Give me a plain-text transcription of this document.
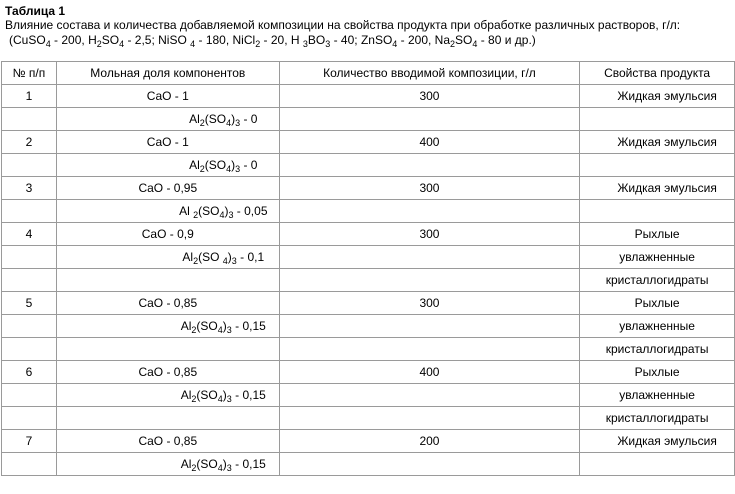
Таблица 1
Влияние состава и количества добавляемой композиции на свойства продукта при обработке различных растворов, г/л:
(CuSO$_4$ - 200, $H_2SO_4 - 2,5$; NiSO $_4$ - 180, NiCl$_2$ - 20, H $_3BO_3 - 40$; ZnSO$_4$ - 200, $Na_2SO_4 - 80$ и др.)
№ п/п	Мольная доля компонентов	Количество вводимой композиции, г/л	Свойства продукта
1	CaO - 1	300	Жидкая эмульсия
	$Al_2(SO_4)_3 - 0$		
2	CaO - 1	400	Жидкая эмульсия
	$Al_2(SO_4)_3 - 0$		
3	CaO - 0,95	300	Жидкая эмульсия
	Al $_2(SO_4)_3 - 0,05$		
4	CaO - 0,9	300	Рыхлые
	$Al_2(SO$ $_4)_3 - 0,1$		увлажненные
			кристаллогидраты
5	CaO - 0,85	300	Рыхлые
	$Al_2(SO_4)_3 - 0,15$		увлажненные
			кристаллогидраты
6	CaO - 0,85	400	Рыхлые
	$Al_2(SO_4)_3 - 0,15$		увлажненные
			кристаллогидраты
7	CaO - 0,85	200	Жидкая эмульсия
	$Al_2(SO_4)_3 - 0,15$		
